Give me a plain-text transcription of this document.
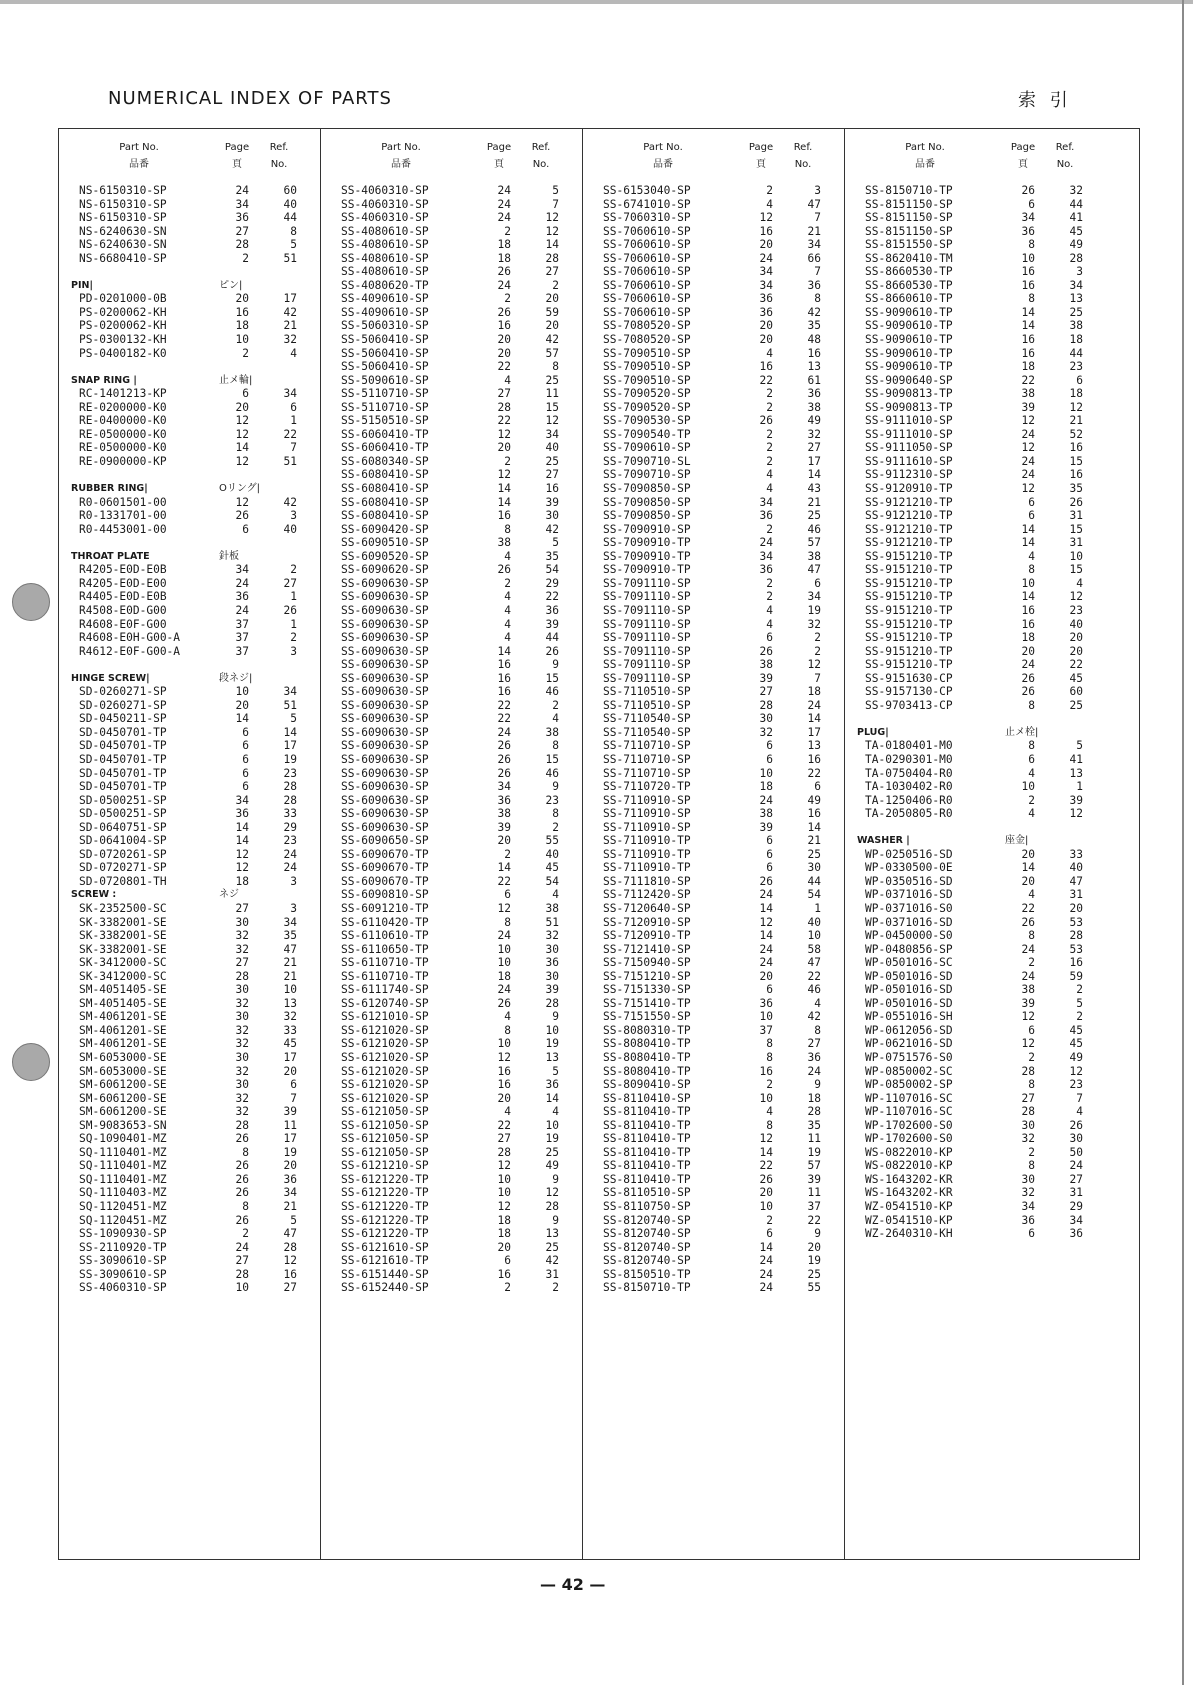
NUMERICAL INDEX OF PARTS	索 引
Part No.
品番
Page
頁
Ref.
No.
NS-6150310-SP	24	60
NS-6150310-SP	34	40
NS-6150310-SP	36	44
NS-6240630-SN	27	8
NS-6240630-SN	28	5
NS-6680410-SP	2	51
PIN|	ピン|
PD-0201000-0B	20	17
PS-0200062-KH	16	42
PS-0200062-KH	18	21
PS-0300132-KH	10	32
PS-0400182-K0	2	4
SNAP RING |	止メ輪|
RC-1401213-KP	6	34
RE-0200000-K0	20	6
RE-0400000-K0	12	1
RE-0500000-K0	12	22
RE-0500000-K0	14	7
RE-0900000-KP	12	51
RUBBER RING|	Oリング|
R0-0601501-00	12	42
R0-1331701-00	26	3
R0-4453001-00	6	40
THROAT PLATE	針板
R4205-E0D-E0B	34	2
R4205-E0D-E00	24	27
R4405-E0D-E0B	36	1
R4508-E0D-G00	24	26
R4608-E0F-G00	37	1
R4608-E0H-G00-A	37	2
R4612-E0F-G00-A	37	3
HINGE SCREW|	段ネジ|
SD-0260271-SP	10	34
SD-0260271-SP	20	51
SD-0450211-SP	14	5
SD-0450701-TP	6	14
SD-0450701-TP	6	17
SD-0450701-TP	6	19
SD-0450701-TP	6	23
SD-0450701-TP	6	28
SD-0500251-SP	34	28
SD-0500251-SP	36	33
SD-0640751-SP	14	29
SD-0641004-SP	14	23
SD-0720261-SP	12	24
SD-0720271-SP	12	24
SD-0720801-TH	18	3
SCREW :	ネジ
SK-2352500-SC	27	3
SK-3382001-SE	30	34
SK-3382001-SE	32	35
SK-3382001-SE	32	47
SK-3412000-SC	27	21
SK-3412000-SC	28	21
SM-4051405-SE	30	10
SM-4051405-SE	32	13
SM-4061201-SE	30	32
SM-4061201-SE	32	33
SM-4061201-SE	32	45
SM-6053000-SE	30	17
SM-6053000-SE	32	20
SM-6061200-SE	30	6
SM-6061200-SE	32	7
SM-6061200-SE	32	39
SM-9083653-SN	28	11
SQ-1090401-MZ	26	17
SQ-1110401-MZ	8	19
SQ-1110401-MZ	26	20
SQ-1110401-MZ	26	36
SQ-1110403-MZ	26	34
SQ-1120451-MZ	8	21
SQ-1120451-MZ	26	5
SS-1090930-SP	2	47
SS-2110920-TP	24	28
SS-3090610-SP	27	12
SS-3090610-SP	28	16
SS-4060310-SP	10	27
Part No.
品番
Page
頁
Ref.
No.
SS-4060310-SP	24	5
SS-4060310-SP	24	7
SS-4060310-SP	24	12
SS-4080610-SP	2	12
SS-4080610-SP	18	14
SS-4080610-SP	18	28
SS-4080610-SP	26	27
SS-4080620-TP	24	2
SS-4090610-SP	2	20
SS-4090610-SP	26	59
SS-5060310-SP	16	20
SS-5060410-SP	20	42
SS-5060410-SP	20	57
SS-5060410-SP	22	8
SS-5090610-SP	4	25
SS-5110710-SP	27	11
SS-5110710-SP	28	15
SS-5150510-SP	22	12
SS-6060410-TP	12	34
SS-6060410-TP	20	40
SS-6080340-SP	2	25
SS-6080410-SP	12	27
SS-6080410-SP	14	16
SS-6080410-SP	14	39
SS-6080410-SP	16	30
SS-6090420-SP	8	42
SS-6090510-SP	38	5
SS-6090520-SP	4	35
SS-6090620-SP	26	54
SS-6090630-SP	2	29
SS-6090630-SP	4	22
SS-6090630-SP	4	36
SS-6090630-SP	4	39
SS-6090630-SP	4	44
SS-6090630-SP	14	26
SS-6090630-SP	16	9
SS-6090630-SP	16	15
SS-6090630-SP	16	46
SS-6090630-SP	22	2
SS-6090630-SP	22	4
SS-6090630-SP	24	38
SS-6090630-SP	26	8
SS-6090630-SP	26	15
SS-6090630-SP	26	46
SS-6090630-SP	34	9
SS-6090630-SP	36	23
SS-6090630-SP	38	8
SS-6090630-SP	39	2
SS-6090650-SP	20	55
SS-6090670-TP	2	40
SS-6090670-TP	14	45
SS-6090670-TP	22	54
SS-6090810-SP	6	4
SS-6091210-TP	12	38
SS-6110420-TP	8	51
SS-6110610-TP	24	32
SS-6110650-TP	10	30
SS-6110710-TP	10	36
SS-6110710-TP	18	30
SS-6111740-SP	24	39
SS-6120740-SP	26	28
SS-6121010-SP	4	9
SS-6121020-SP	8	10
SS-6121020-SP	10	19
SS-6121020-SP	12	13
SS-6121020-SP	16	5
SS-6121020-SP	16	36
SS-6121020-SP	20	14
SS-6121050-SP	4	4
SS-6121050-SP	22	10
SS-6121050-SP	27	19
SS-6121050-SP	28	25
SS-6121210-SP	12	49
SS-6121220-TP	10	9
SS-6121220-TP	10	12
SS-6121220-TP	12	28
SS-6121220-TP	18	9
SS-6121220-TP	18	13
SS-6121610-SP	20	25
SS-6121610-TP	6	42
SS-6151440-SP	16	31
SS-6152440-SP	2	2
Part No.
品番
Page
頁
Ref.
No.
SS-6153040-SP	2	3
SS-6741010-SP	4	47
SS-7060310-SP	12	7
SS-7060610-SP	16	21
SS-7060610-SP	20	34
SS-7060610-SP	24	66
SS-7060610-SP	34	7
SS-7060610-SP	34	36
SS-7060610-SP	36	8
SS-7060610-SP	36	42
SS-7080520-SP	20	35
SS-7080520-SP	20	48
SS-7090510-SP	4	16
SS-7090510-SP	16	13
SS-7090510-SP	22	61
SS-7090520-SP	2	36
SS-7090520-SP	2	38
SS-7090530-SP	26	49
SS-7090540-TP	2	32
SS-7090610-SP	2	27
SS-7090710-SL	2	17
SS-7090710-SP	4	14
SS-7090850-SP	4	43
SS-7090850-SP	34	21
SS-7090850-SP	36	25
SS-7090910-SP	2	46
SS-7090910-TP	24	57
SS-7090910-TP	34	38
SS-7090910-TP	36	47
SS-7091110-SP	2	6
SS-7091110-SP	2	34
SS-7091110-SP	4	19
SS-7091110-SP	4	32
SS-7091110-SP	6	2
SS-7091110-SP	26	2
SS-7091110-SP	38	12
SS-7091110-SP	39	7
SS-7110510-SP	27	18
SS-7110510-SP	28	24
SS-7110540-SP	30	14
SS-7110540-SP	32	17
SS-7110710-SP	6	13
SS-7110710-SP	6	16
SS-7110710-SP	10	22
SS-7110720-TP	18	6
SS-7110910-SP	24	49
SS-7110910-SP	38	16
SS-7110910-SP	39	14
SS-7110910-TP	6	21
SS-7110910-TP	6	25
SS-7110910-TP	6	30
SS-7111810-SP	26	44
SS-7112420-SP	24	54
SS-7120640-SP	14	1
SS-7120910-SP	12	40
SS-7120910-TP	14	10
SS-7121410-SP	24	58
SS-7150940-SP	24	47
SS-7151210-SP	20	22
SS-7151330-SP	6	46
SS-7151410-TP	36	4
SS-7151550-SP	10	42
SS-8080310-TP	37	8
SS-8080410-TP	8	27
SS-8080410-TP	8	36
SS-8080410-TP	16	24
SS-8090410-SP	2	9
SS-8110410-SP	10	18
SS-8110410-TP	4	28
SS-8110410-TP	8	35
SS-8110410-TP	12	11
SS-8110410-TP	14	19
SS-8110410-TP	22	57
SS-8110410-TP	26	39
SS-8110510-SP	20	11
SS-8110750-SP	10	37
SS-8120740-SP	2	22
SS-8120740-SP	6	9
SS-8120740-SP	14	20
SS-8120740-SP	24	19
SS-8150510-TP	24	25
SS-8150710-TP	24	55
Part No.
品番
Page
頁
Ref.
No.
SS-8150710-TP	26	32
SS-8151150-SP	6	44
SS-8151150-SP	34	41
SS-8151150-SP	36	45
SS-8151550-SP	8	49
SS-8620410-TM	10	28
SS-8660530-TP	16	3
SS-8660530-TP	16	34
SS-8660610-TP	8	13
SS-9090610-TP	14	25
SS-9090610-TP	14	38
SS-9090610-TP	16	18
SS-9090610-TP	16	44
SS-9090610-TP	18	23
SS-9090640-SP	22	6
SS-9090813-TP	38	18
SS-9090813-TP	39	12
SS-9111010-SP	12	21
SS-9111010-SP	24	52
SS-9111050-SP	12	16
SS-9111610-SP	24	15
SS-9112310-SP	24	16
SS-9120910-TP	12	35
SS-9121210-TP	6	26
SS-9121210-TP	6	31
SS-9121210-TP	14	15
SS-9121210-TP	14	31
SS-9151210-TP	4	10
SS-9151210-TP	8	15
SS-9151210-TP	10	4
SS-9151210-TP	14	12
SS-9151210-TP	16	23
SS-9151210-TP	16	40
SS-9151210-TP	18	20
SS-9151210-TP	20	20
SS-9151210-TP	24	22
SS-9151630-CP	26	45
SS-9157130-CP	26	60
SS-9703413-CP	8	25
PLUG|	止メ栓|
TA-0180401-M0	8	5
TA-0290301-M0	6	41
TA-0750404-R0	4	13
TA-1030402-R0	10	1
TA-1250406-R0	2	39
TA-2050805-R0	4	12
WASHER |	座金|
WP-0250516-SD	20	33
WP-0330500-0E	14	40
WP-0350516-SD	20	47
WP-0371016-SD	4	31
WP-0371016-S0	22	20
WP-0371016-SD	26	53
WP-0450000-S0	8	28
WP-0480856-SP	24	53
WP-0501016-SC	2	16
WP-0501016-SD	24	59
WP-0501016-SD	38	2
WP-0501016-SD	39	5
WP-0551016-SH	12	2
WP-0612056-SD	6	45
WP-0621016-SD	12	45
WP-0751576-S0	2	49
WP-0850002-SC	28	12
WP-0850002-SP	8	23
WP-1107016-SC	27	7
WP-1107016-SC	28	4
WP-1702600-S0	30	26
WP-1702600-S0	32	30
WS-0822010-KP	2	50
WS-0822010-KP	8	24
WS-1643202-KR	30	27
WS-1643202-KR	32	31
WZ-0541510-KP	34	29
WZ-0541510-KP	36	34
WZ-2640310-KH	6	36
— 42 —
